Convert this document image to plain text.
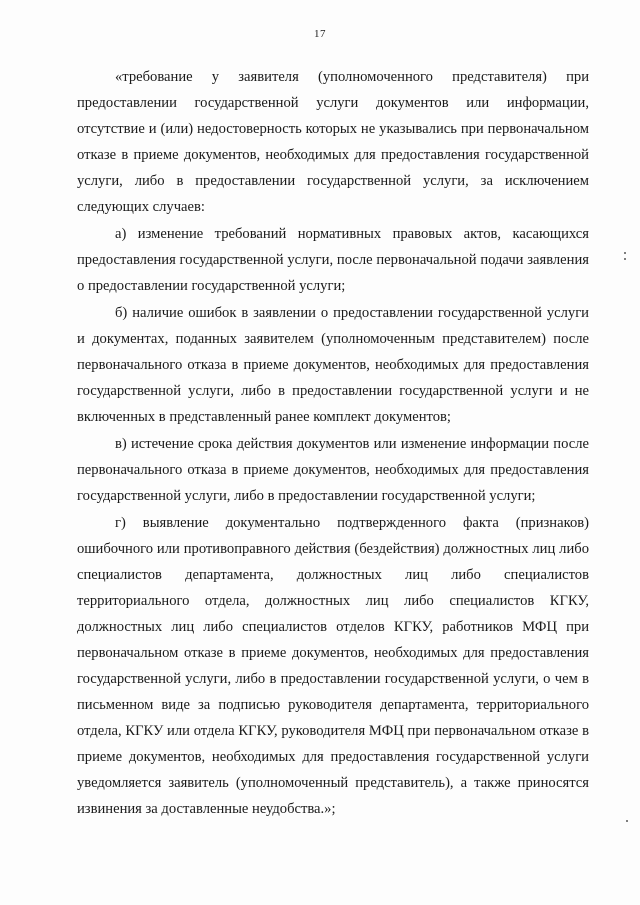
17

«требование у заявителя (уполномоченного представителя) при предоставлении государственной услуги документов или информации, отсутствие и (или) недостоверность которых не указывались при первоначальном отказе в приеме документов, необходимых для предоставления государственной услуги, либо в предоставлении государственной услуги, за исключением следующих случаев:

а) изменение требований нормативных правовых актов, касающихся предоставления государственной услуги, после первоначальной подачи заявления о предоставлении государственной услуги;

б) наличие ошибок в заявлении о предоставлении государственной услуги и документах, поданных заявителем (уполномоченным представителем) после первоначального отказа в приеме документов, необходимых для предоставления государственной услуги, либо в предоставлении государственной услуги и не включенных в представленный ранее комплект документов;

в) истечение срока действия документов или изменение информации после первоначального отказа в приеме документов, необходимых для предоставления государственной услуги, либо в предоставлении государственной услуги;

г) выявление документально подтвержденного факта (признаков) ошибочного или противоправного действия (бездействия) должностных лиц либо специалистов департамента, должностных лиц либо специалистов территориального отдела, должностных лиц либо специалистов КГКУ, должностных лиц либо специалистов отделов КГКУ, работников МФЦ при первоначальном отказе в приеме документов, необходимых для предоставления государственной услуги, либо в предоставлении государственной услуги, о чем в письменном виде за подписью руководителя департамента, территориального отдела, КГКУ или отдела КГКУ, руководителя МФЦ при первоначальном отказе в приеме документов, необходимых для предоставления государственной услуги уведомляется заявитель (уполномоченный представитель), а также приносятся извинения за доставленные неудобства.»;
